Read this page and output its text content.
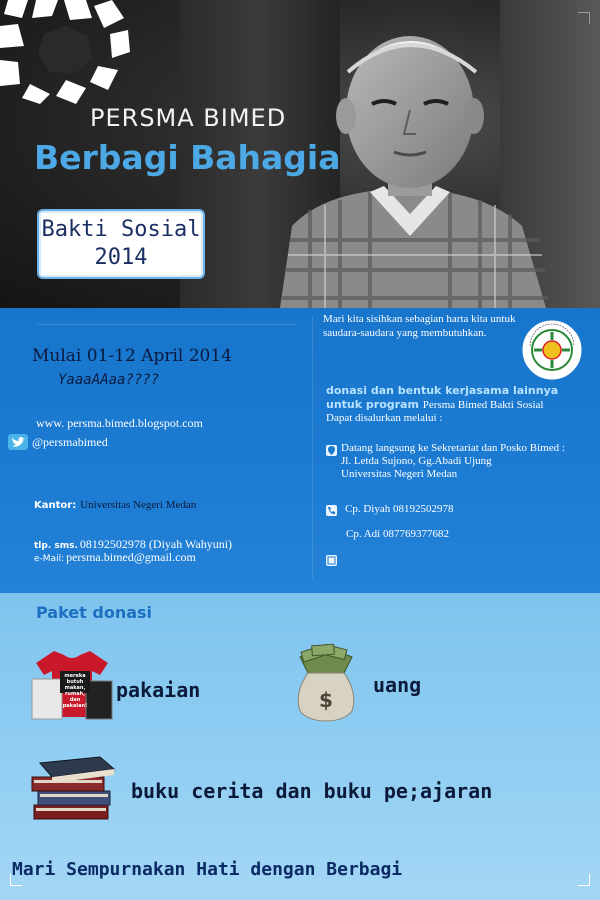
PERSMA BIMED
Berbagi Bahagia
Bakti Sosial
2014
Mulai 01-12 April 2014
YaaaAAaa????
www. persma.bimed.blogspot.com
@persmabimed
Kantor: Universitas Negeri Medan
tlp. sms. 08192502978 (Diyah Wahyuni)
e-Mail: persma.bimed@gmail.com
Mari kita sisihkan sebagian harta kita untuk saudara-saudara yang membutuhkan.
donasi dan bentuk kerjasama lainnya
untuk program Persma Bimed Bakti Sosial
Dapat disalurkan melalui :
Datang langsung ke Sekretariat dan Posko Bimed :
Jl. Letda Sujono, Gg.Abadi Ujung
Universitas Negeri Medan
Cp. Diyah 08192502978
Cp. Adi 087769377682
Paket donasi
mereka butuh makan, rumah, dan pakaian!
pakaian	$
uang
buku cerita dan buku pe;ajaran
Mari Sempurnakan Hati dengan Berbagi
